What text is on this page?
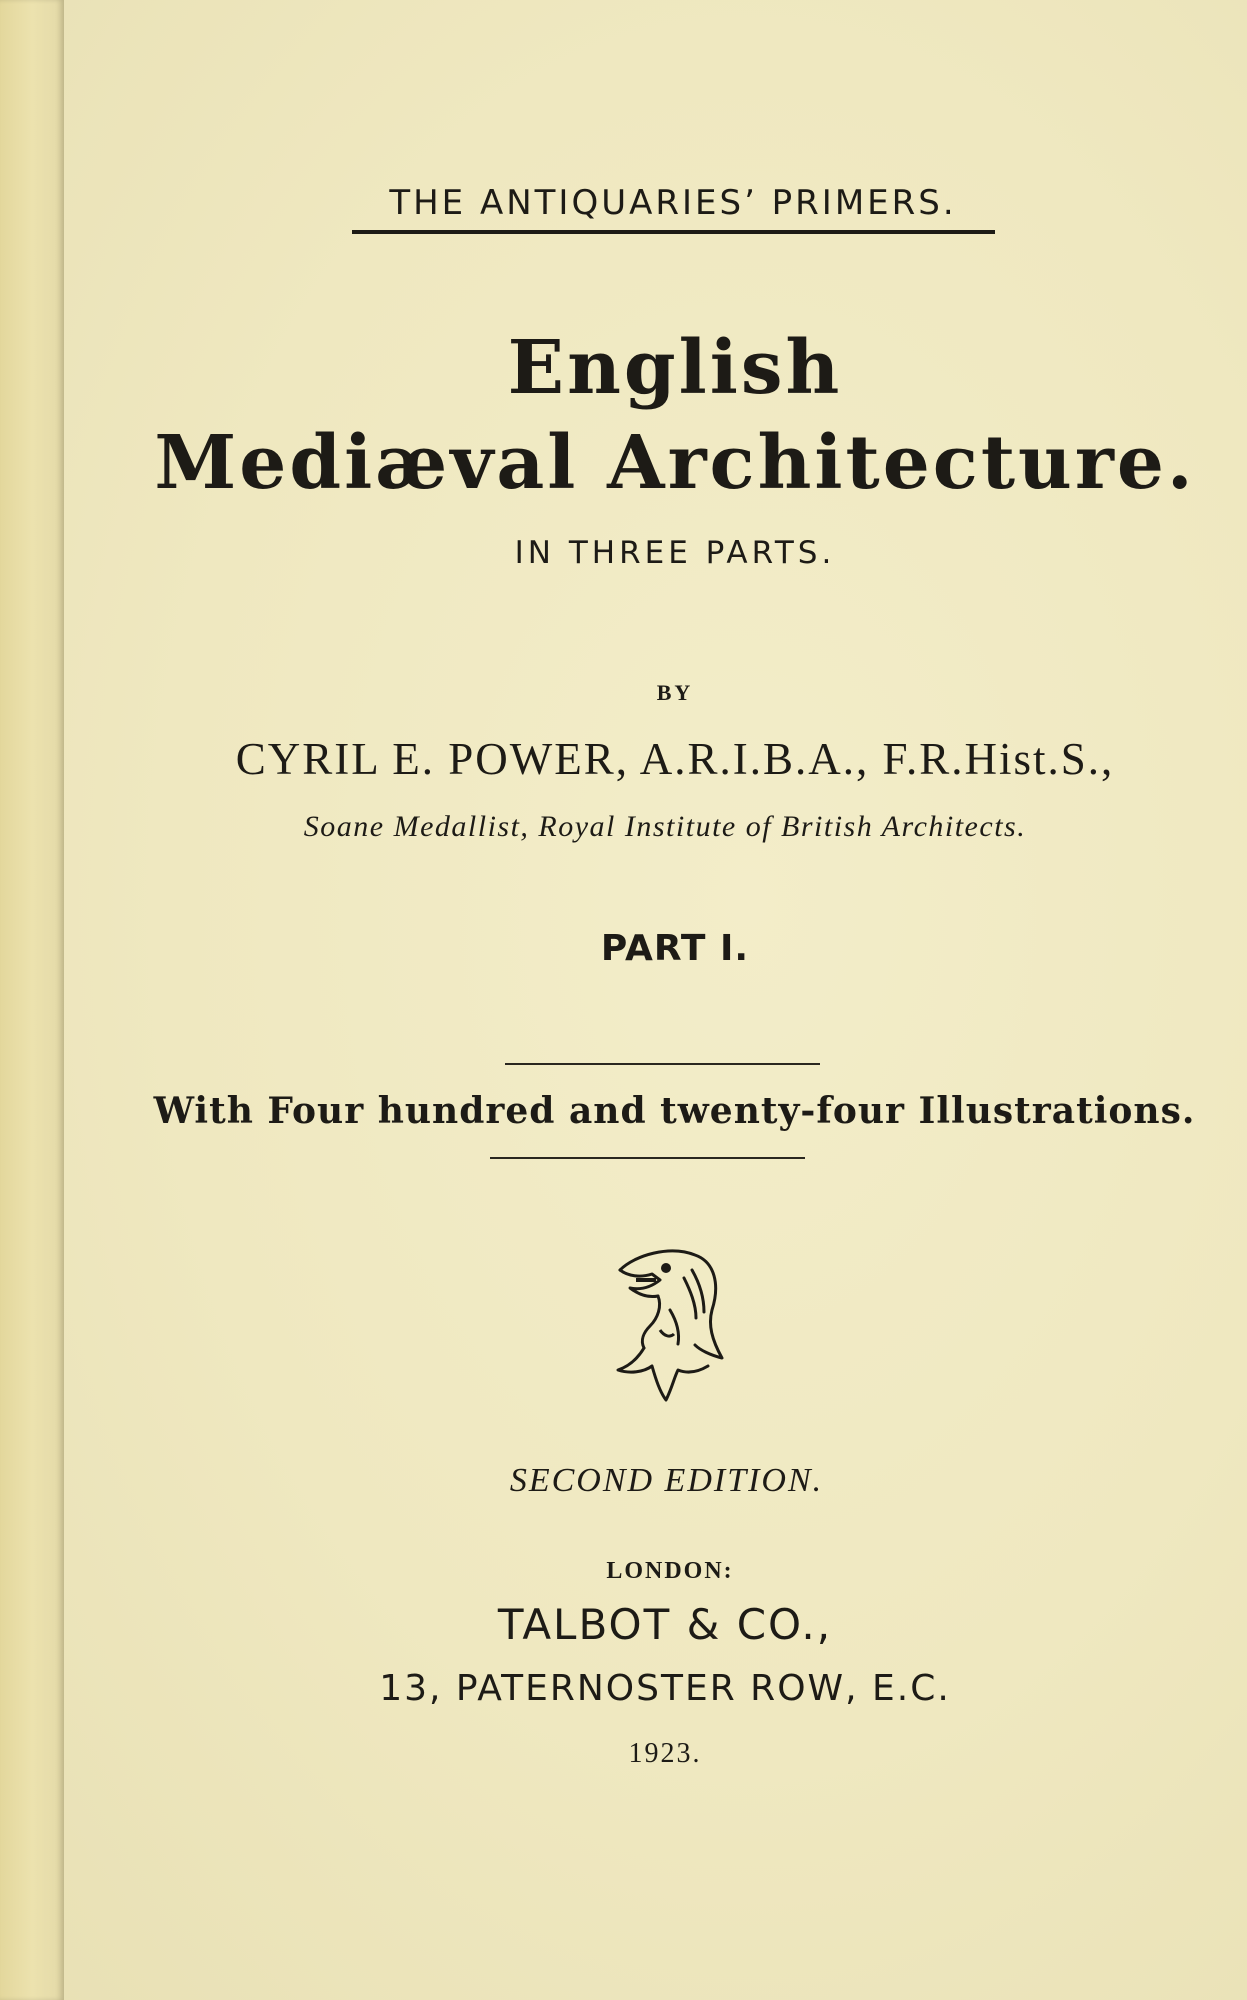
THE ANTIQUARIES’ PRIMERS.
English
Mediæval Architecture.
IN THREE PARTS.
BY
CYRIL E. POWER, A.R.I.B.A., F.R.Hist.S.,
Soane Medallist, Royal Institute of British Architects.
PART I.
With Four hundred and twenty-four Illustrations.
SECOND EDITION.
LONDON:
TALBOT & CO.,
13, PATERNOSTER ROW, E.C.
1923.
